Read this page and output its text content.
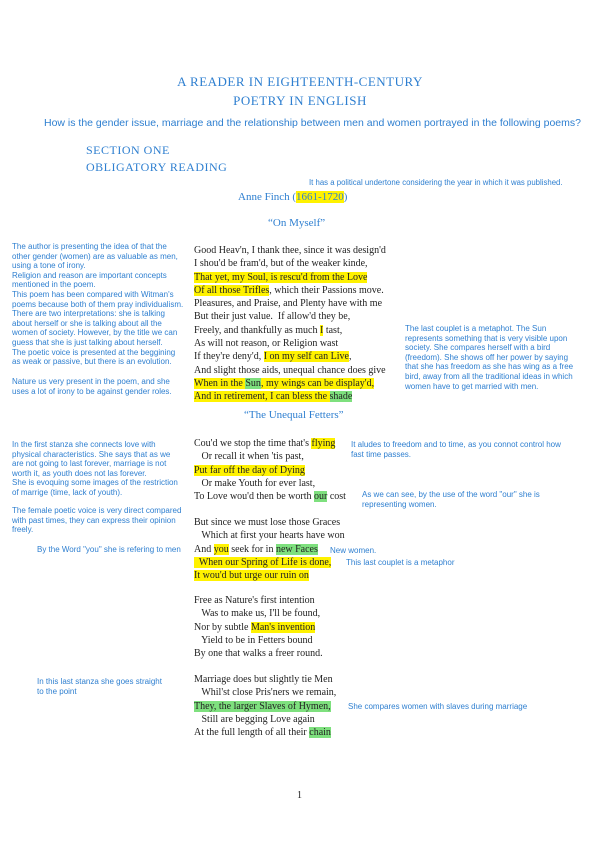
A READER IN EIGHTEENTH-CENTURY
POETRY IN ENGLISH
How is the gender issue, marriage and the relationship between men and women portrayed in the following poems?
SECTION ONE
OBLIGATORY READING
It has a political undertone considering the year in which it was published.
Anne Finch (1661-1720)
“On Myself”
The author is presenting the idea of that the
other gender (women) are as valuable as men,
using a tone of irony.
Religion and reason are important concepts
mentioned in the poem.
This poem has been compared with Witman's
poems because both of them pray individualism.
There are two interpretations: she is talking
about herself or she is talking about all the
women of society. However, by the title we can
guess that she is just talking about herself.
The poetic voice is presented at the beggining
as weak or passive, but there is an evolution.
Nature us very present in the poem, and she
uses a lot of irony to be against gender roles.
The last couplet is a metaphot. The Sun
represents something that is very visible upon
society. She compares herself with a bird
(freedom). She shows off her power by saying
that she has freedom as she has wing as a free
bird, away from all the traditional ideas in which
women have to get married with men.
Good Heav'n, I thank thee, since it was design'd
I shou'd be fram'd, but of the weaker kinde,
That yet, my Soul, is rescu'd from the Love
Of all those Trifles, which their Passions move.
Pleasures, and Praise, and Plenty have with me
But their just value.  If allow'd they be,
Freely, and thankfully as much I tast,
As will not reason, or Religion wast
If they're deny'd, I on my self can Live,
And slight those aids, unequal chance does give
When in the Sun, my wings can be display'd,
And in retirement, I can bless the shade
“The Unequal Fetters”
In the first stanza she connects love with
physical characteristics. She says that as we
are not going to last forever, marriage is not
worth it, as youth does not las forever.
She is evoquing some images of the restriction
of marrige (time, lack of youth).
The female poetic voice is very direct compared
with past times, they can express their opinion
freely.
By the Word "you" she is refering to men
In this last stanza she goes straight
to the point
It aludes to freedom and to time, as you connot control how
fast time passes.
As we can see, by the use of the word "our" she is
representing women.
New women.
This last couplet is a metaphor
She compares women with slaves during marriage
Cou'd we stop the time that's flying
Or recall it when 'tis past,
Put far off the day of Dying
Or make Youth for ever last,
To Love wou'd then be worth our cost
But since we must lose those Graces
Which at first your hearts have won
And you seek for in new Faces
When our Spring of Life is done,
It wou'd but urge our ruin on
Free as Nature's first intention
Was to make us, I'll be found,
Nor by subtle Man's invention
Yield to be in Fetters bound
By one that walks a freer round.
Marriage does but slightly tie Men
Whil'st close Pris'ners we remain,
They, the larger Slaves of Hymen,
Still are begging Love again
At the full length of all their chain
1
